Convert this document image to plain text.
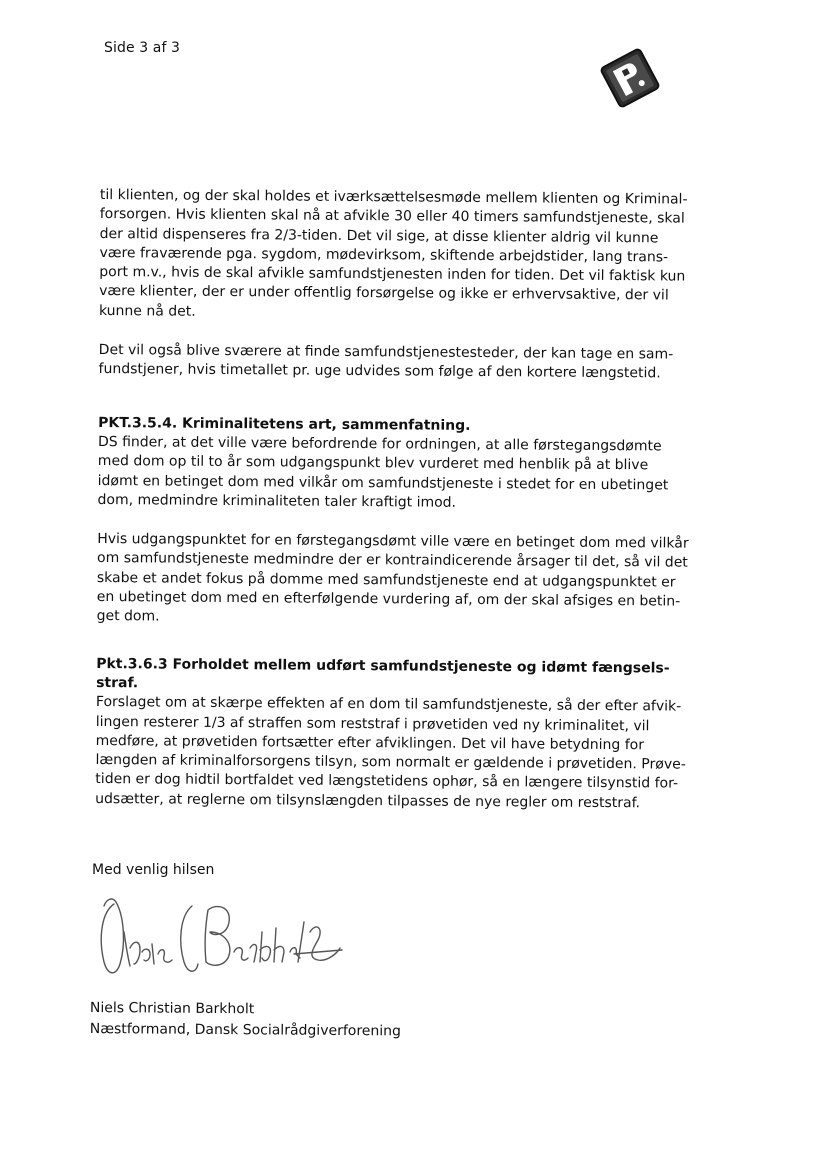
Side 3 af 3

til klienten, og der skal holdes et iværksættelsesmøde mellem klienten og Kriminal-
forsorgen. Hvis klienten skal nå at afvikle 30 eller 40 timers samfundstjeneste, skal
der altid dispenseres fra 2/3-tiden. Det vil sige, at disse klienter aldrig vil kunne
være fraværende pga. sygdom, mødevirksom, skiftende arbejdstider, lang trans-
port m.v., hvis de skal afvikle samfundstjenesten inden for tiden. Det vil faktisk kun
være klienter, der er under offentlig forsørgelse og ikke er erhvervsaktive, der vil
kunne nå det.

Det vil også blive sværere at finde samfundstjenestesteder, der kan tage en sam-
fundstjener, hvis timetallet pr. uge udvides som følge af den kortere længstetid.

PKT.3.5.4. Kriminalitetens art, sammenfatning.

DS finder, at det ville være befordrende for ordningen, at alle førstegangsdømte
med dom op til to år som udgangspunkt blev vurderet med henblik på at blive
idømt en betinget dom med vilkår om samfundstjeneste i stedet for en ubetinget
dom, medmindre kriminaliteten taler kraftigt imod.

Hvis udgangspunktet for en førstegangsdømt ville være en betinget dom med vilkår
om samfundstjeneste medmindre der er kontraindicerende årsager til det, så vil det
skabe et andet fokus på domme med samfundstjeneste end at udgangspunktet er
en ubetinget dom med en efterfølgende vurdering af, om der skal afsiges en betin-
get dom.

Pkt.3.6.3 Forholdet mellem udført samfundstjeneste og idømt fængsels-
straf.

Forslaget om at skærpe effekten af en dom til samfundstjeneste, så der efter afvik-
lingen resterer 1/3 af straffen som reststraf i prøvetiden ved ny kriminalitet, vil
medføre, at prøvetiden fortsætter efter afviklingen. Det vil have betydning for
længden af kriminalforsorgens tilsyn, som normalt er gældende i prøvetiden. Prøve-
tiden er dog hidtil bortfaldet ved længstetidens ophør, så en længere tilsynstid for-
udsætter, at reglerne om tilsynslængden tilpasses de nye regler om reststraf.

Med venlig hilsen
Niels Christian Barkholt
Næstformand, Dansk Socialrådgiverforening
